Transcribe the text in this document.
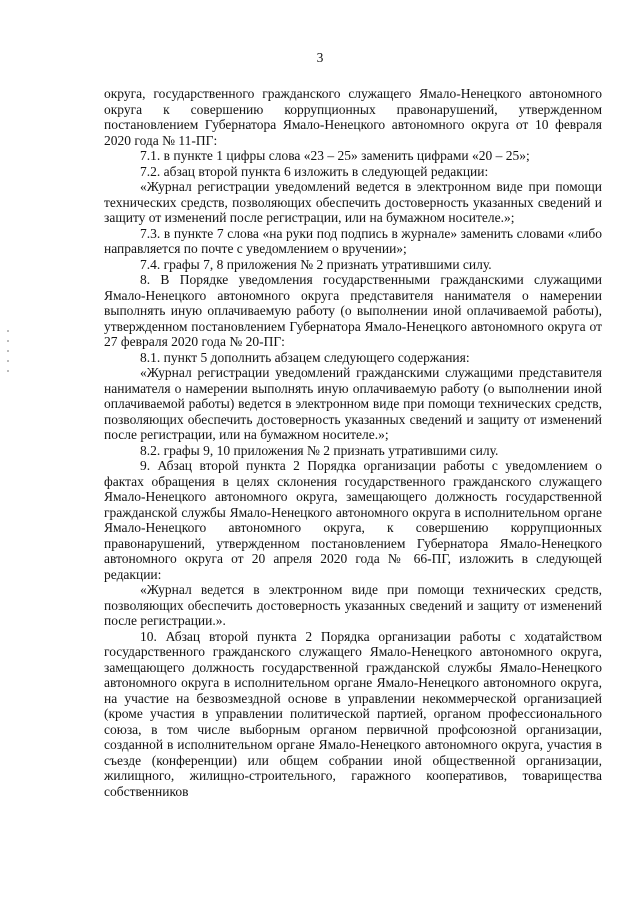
3

округа, государственного гражданского служащего Ямало-Ненецкого автономного округа к совершению коррупционных правонарушений, утвержденном постановлением Губернатора Ямало-Ненецкого автономного округа от 10 февраля 2020 года № 11-ПГ:

7.1. в пункте 1 цифры слова «23 – 25» заменить цифрами «20 – 25»;

7.2. абзац второй пункта 6 изложить в следующей редакции:

«Журнал регистрации уведомлений ведется в электронном виде при помощи технических средств, позволяющих обеспечить достоверность указанных сведений и защиту от изменений после регистрации, или на бумажном носителе.»;

7.3. в пункте 7 слова «на руки под подпись в журнале» заменить словами «либо направляется по почте с уведомлением о вручении»;

7.4. графы 7, 8 приложения № 2 признать утратившими силу.

8. В Порядке уведомления государственными гражданскими служащими Ямало-Ненецкого автономного округа представителя нанимателя о намерении выполнять иную оплачиваемую работу (о выполнении иной оплачиваемой работы), утвержденном постановлением Губернатора Ямало-Ненецкого автономного округа от 27 февраля 2020 года № 20-ПГ:

8.1. пункт 5 дополнить абзацем следующего содержания:

«Журнал регистрации уведомлений гражданскими служащими представителя нанимателя о намерении выполнять иную оплачиваемую работу (о выполнении иной оплачиваемой работы) ведется в электронном виде при помощи технических средств, позволяющих обеспечить достоверность указанных сведений и защиту от изменений после регистрации, или на бумажном носителе.»;

8.2. графы 9, 10 приложения № 2 признать утратившими силу.

9. Абзац второй пункта 2 Порядка организации работы с уведомлением о фактах обращения в целях склонения государственного гражданского служащего Ямало-Ненецкого автономного округа, замещающего должность государственной гражданской службы Ямало-Ненецкого автономного округа в исполнительном органе Ямало-Ненецкого автономного округа, к совершению коррупционных правонарушений, утвержденном постановлением Губернатора Ямало-Ненецкого автономного округа от 20 апреля 2020 года № 66-ПГ, изложить в следующей редакции:

«Журнал ведется в электронном виде при помощи технических средств, позволяющих обеспечить достоверность указанных сведений и защиту от изменений после регистрации.».

10. Абзац второй пункта 2 Порядка организации работы с ходатайством государственного гражданского служащего Ямало-Ненецкого автономного округа, замещающего должность государственной гражданской службы Ямало-Ненецкого автономного округа в исполнительном органе Ямало-Ненецкого автономного округа, на участие на безвозмездной основе в управлении некоммерческой организацией (кроме участия в управлении политической партией, органом профессионального союза, в том числе выборным органом первичной профсоюзной организации, созданной в исполнительном органе Ямало-Ненецкого автономного округа, участия в съезде (конференции) или общем собрании иной общественной организации, жилищного, жилищно-строительного, гаражного кооперативов, товарищества собственников
